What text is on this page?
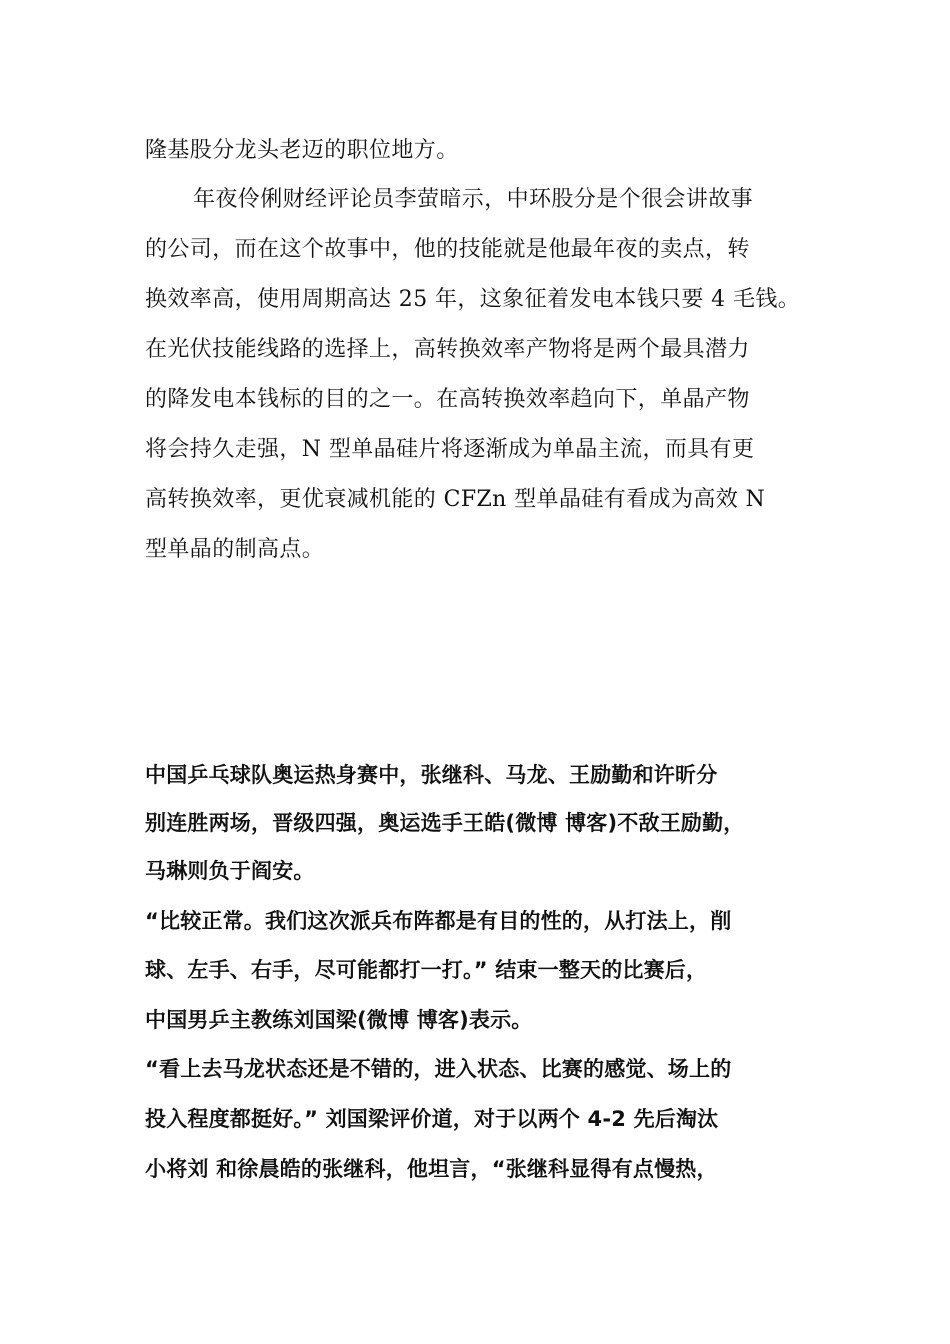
隆基股分龙头老迈的职位地方。
年夜伶俐财经评论员李萤暗示，中环股分是个很会讲故事
的公司，而在这个故事中，他的技能就是他最年夜的卖点，转
换效率高，使用周期高达 25 年，这象征着发电本钱只要 4 毛钱。
在光伏技能线路的选择上，高转换效率产物将是两个最具潜力
的降发电本钱标的目的之一。在高转换效率趋向下，单晶产物
将会持久走强，N 型单晶硅片将逐渐成为单晶主流，而具有更
高转换效率，更优衰减机能的 CFZn 型单晶硅有看成为高效 N
型单晶的制高点。
中国乒乓球队奥运热身赛中，张继科、马龙、王励勤和许昕分
别连胜两场，晋级四强，奥运选手王皓(微博 博客)不敌王励勤，
马琳则负于阎安。
“比较正常。我们这次派兵布阵都是有目的性的，从打法上，削
球、左手、右手，尽可能都打一打。” 结束一整天的比赛后，
中国男乒主教练刘国梁(微博 博客)表示。
“看上去马龙状态还是不错的，进入状态、比赛的感觉、场上的
投入程度都挺好。” 刘国梁评价道，对于以两个 4-2 先后淘汰
小将刘 和徐晨皓的张继科，他坦言，“张继科显得有点慢热，
